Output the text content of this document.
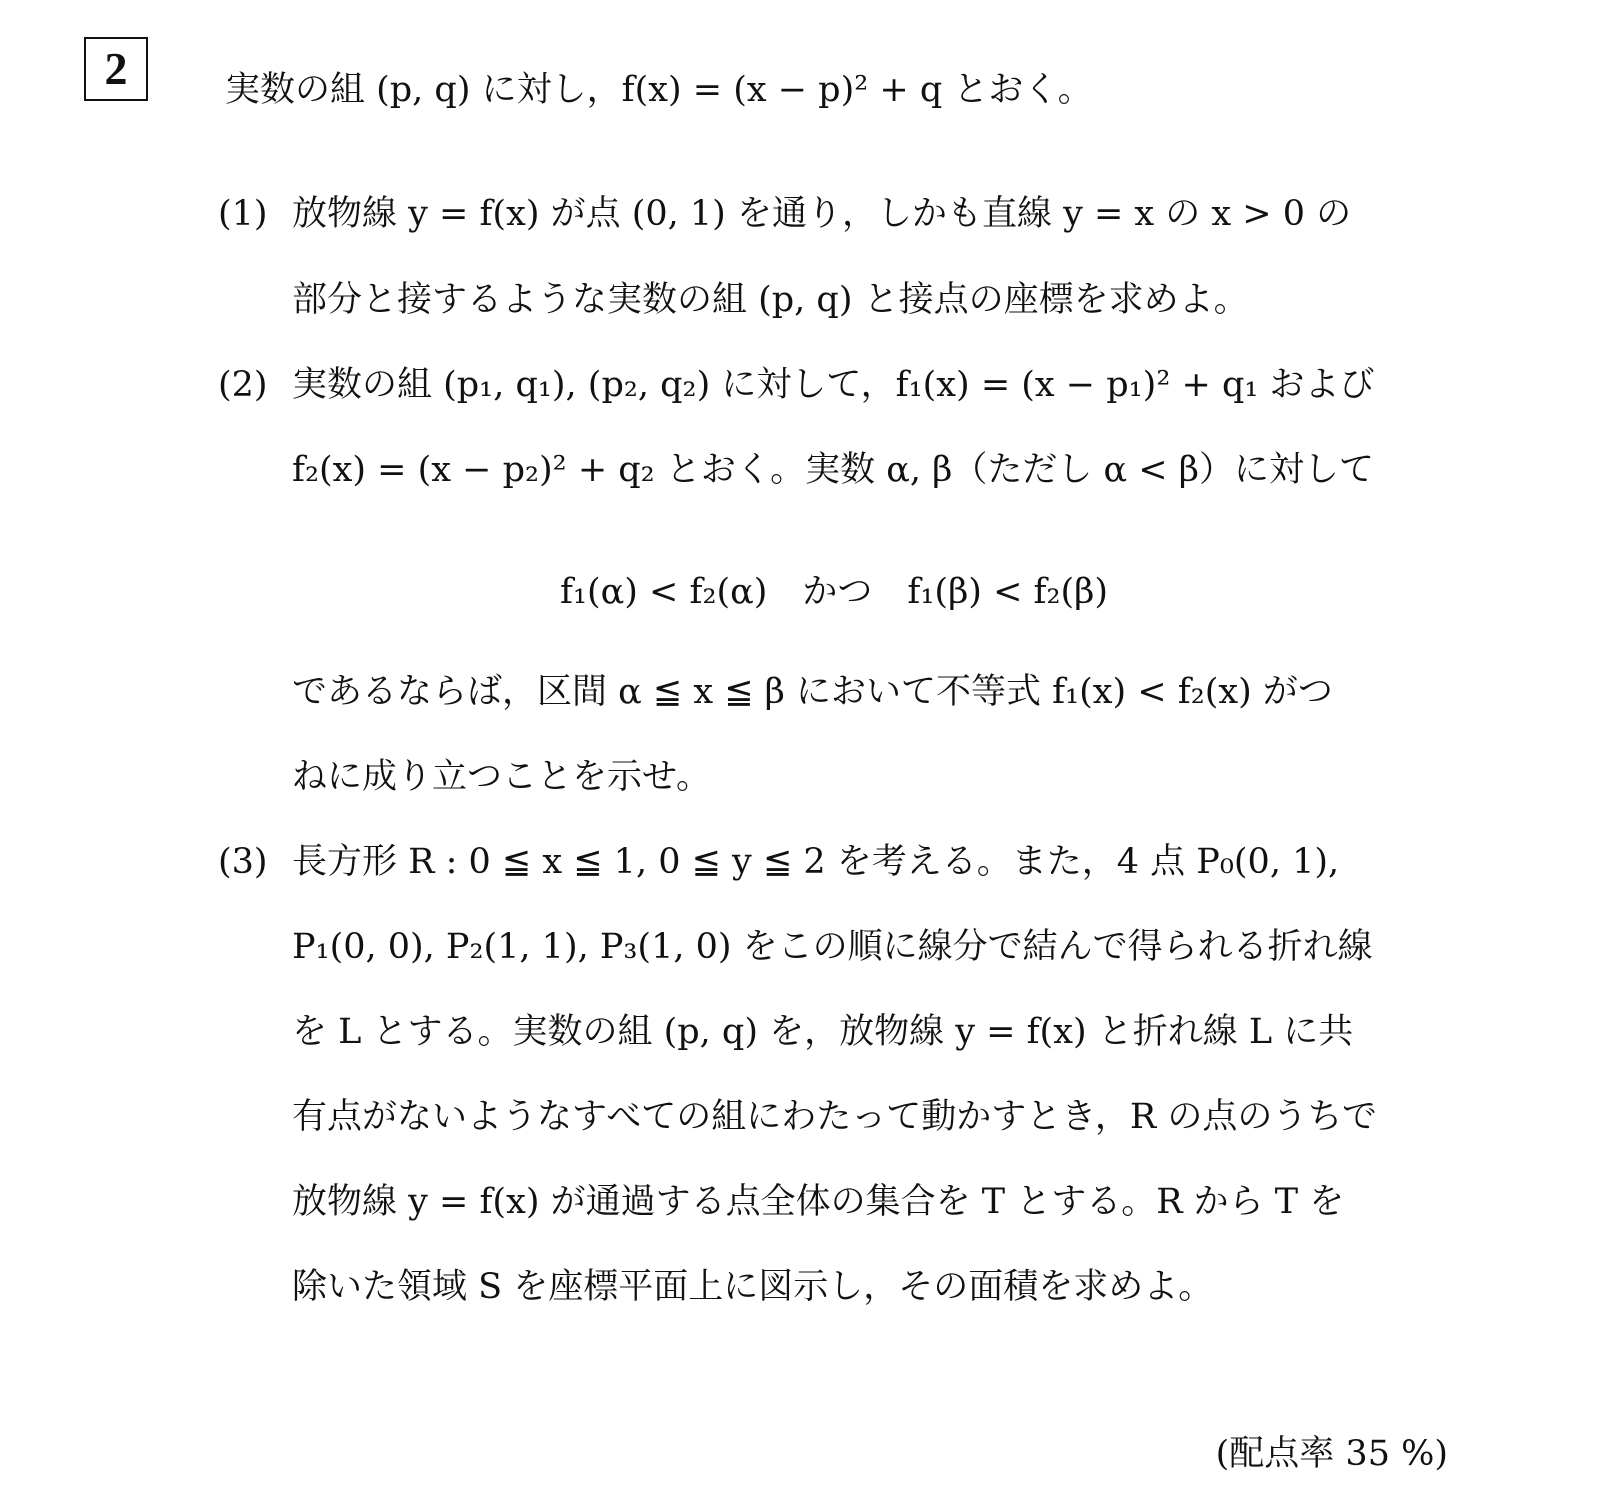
2	実数の組 (p, q) に対し，f(x) = (x − p)² + q とおく。
(1) 放物線 y = f(x) が点 (0, 1) を通り，しかも直線 y = x の x > 0 の
部分と接するような実数の組 (p, q) と接点の座標を求めよ。
(2) 実数の組 (p₁, q₁), (p₂, q₂) に対して，f₁(x) = (x − p₁)² + q₁ および
f₂(x) = (x − p₂)² + q₂ とおく。実数 α, β（ただし α < β）に対して
f₁(α) < f₂(α)　かつ　f₁(β) < f₂(β)
であるならば，区間 α ≦ x ≦ β において不等式 f₁(x) < f₂(x) がつ
ねに成り立つことを示せ。
(3) 長方形 R : 0 ≦ x ≦ 1, 0 ≦ y ≦ 2 を考える。また，4 点 P₀(0, 1),
P₁(0, 0), P₂(1, 1), P₃(1, 0) をこの順に線分で結んで得られる折れ線
を L とする。実数の組 (p, q) を，放物線 y = f(x) と折れ線 L に共
有点がないようなすべての組にわたって動かすとき，R の点のうちで
放物線 y = f(x) が通過する点全体の集合を T とする。R から T を
除いた領域 S を座標平面上に図示し，その面積を求めよ。
(配点率 35 %)
